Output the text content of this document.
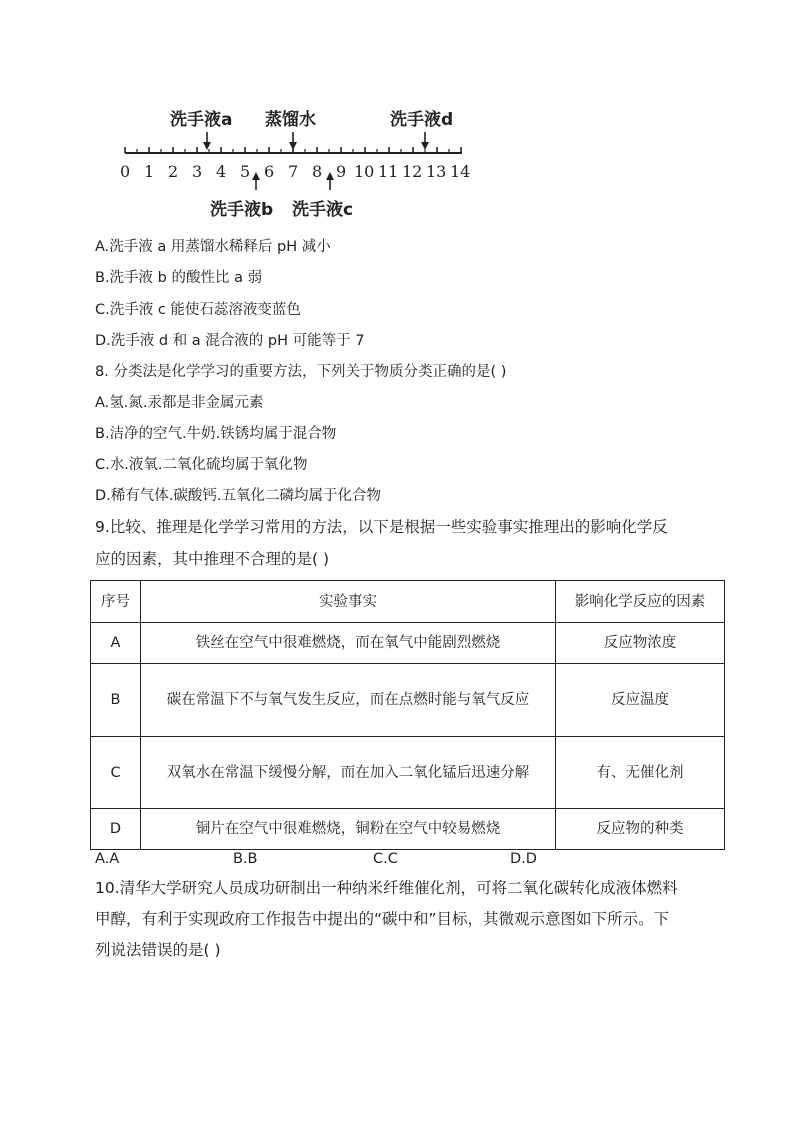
洗手液a 蒸馏水	洗手液d
0 1 2 3 4 5 6 7 8 9 10 11 12 13 14
洗手液b 洗手液c
A.洗手液 a 用蒸馏水稀释后 pH 减小
B.洗手液 b 的酸性比 a 弱
C.洗手液 c 能使石蕊溶液变蓝色
D.洗手液 d 和 a 混合液的 pH 可能等于 7
8. 分类法是化学学习的重要方法，下列关于物质分类正确的是( )
A.氢.氮.汞都是非金属元素
B.洁净的空气.牛奶.铁锈均属于混合物
C.水.液氧.二氧化硫均属于氧化物
D.稀有气体.碳酸钙.五氧化二磷均属于化合物
9.比较、推理是化学学习常用的方法，以下是根据一些实验事实推理出的影响化学反
应的因素，其中推理不合理的是( )
序号	实验事实	影响化学反应的因素
A	铁丝在空气中很难燃烧，而在氧气中能剧烈燃烧	反应物浓度
B	碳在常温下不与氧气发生反应，而在点燃时能与氧气反应	反应温度
C	双氧水在常温下缓慢分解，而在加入二氧化锰后迅速分解	有、无催化剂
D	铜片在空气中很难燃烧，铜粉在空气中较易燃烧	反应物的种类
A.A	B.B	C.C	D.D
10.清华大学研究人员成功研制出一种纳米纤维催化剂，可将二氧化碳转化成液体燃料
甲醇，有利于实现政府工作报告中提出的“碳中和”目标，其微观示意图如下所示。下
列说法错误的是( )
